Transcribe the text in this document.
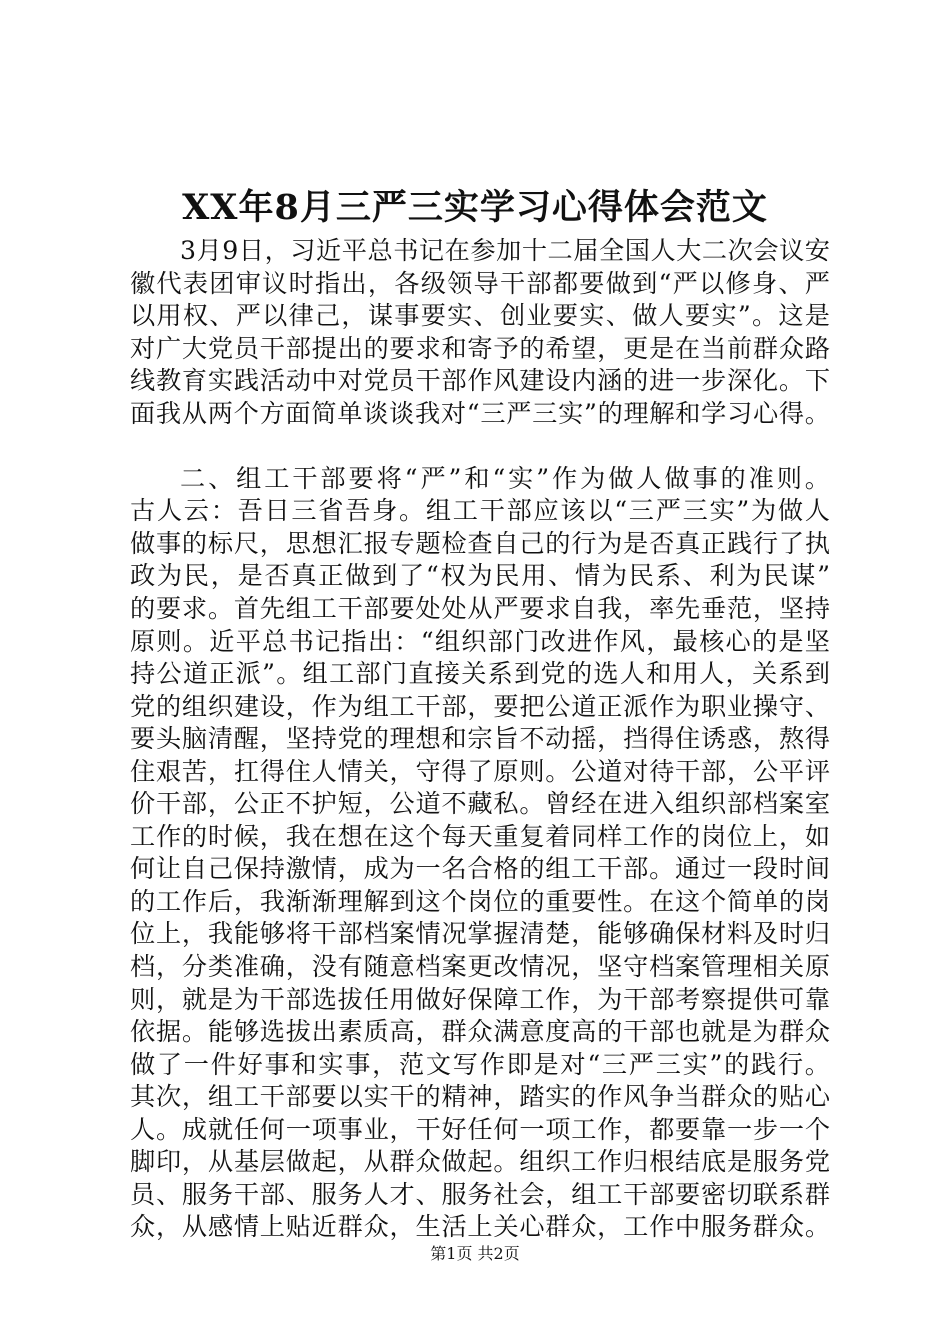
XX年8月三严三实学习心得体会范文
3月9日，习近平总书记在参加十二届全国人大二次会议安
徽代表团审议时指出，各级领导干部都要做到“严以修身、严
以用权、严以律己，谋事要实、创业要实、做人要实”。这是
对广大党员干部提出的要求和寄予的希望，更是在当前群众路
线教育实践活动中对党员干部作风建设内涵的进一步深化。下
面我从两个方面简单谈谈我对“三严三实”的理解和学习心得。
二、组工干部要将“严”和“实”作为做人做事的准则。
古人云：吾日三省吾身。组工干部应该以“三严三实”为做人
做事的标尺，思想汇报专题检查自己的行为是否真正践行了执
政为民，是否真正做到了“权为民用、情为民系、利为民谋”
的要求。首先组工干部要处处从严要求自我，率先垂范，坚持
原则。近平总书记指出：“组织部门改进作风，最核心的是坚
持公道正派”。组工部门直接关系到党的选人和用人，关系到
党的组织建设，作为组工干部，要把公道正派作为职业操守、
要头脑清醒，坚持党的理想和宗旨不动摇，挡得住诱惑，熬得
住艰苦，扛得住人情关，守得了原则。公道对待干部，公平评
价干部，公正不护短，公道不藏私。曾经在进入组织部档案室
工作的时候，我在想在这个每天重复着同样工作的岗位上，如
何让自己保持激情，成为一名合格的组工干部。通过一段时间
的工作后，我渐渐理解到这个岗位的重要性。在这个简单的岗
位上，我能够将干部档案情况掌握清楚，能够确保材料及时归
档，分类准确，没有随意档案更改情况，坚守档案管理相关原
则，就是为干部选拔任用做好保障工作，为干部考察提供可靠
依据。能够选拔出素质高，群众满意度高的干部也就是为群众
做了一件好事和实事，范文写作即是对“三严三实”的践行。
其次，组工干部要以实干的精神，踏实的作风争当群众的贴心
人。成就任何一项事业，干好任何一项工作，都要靠一步一个
脚印，从基层做起，从群众做起。组织工作归根结底是服务党
员、服务干部、服务人才、服务社会，组工干部要密切联系群
众，从感情上贴近群众，生活上关心群众，工作中服务群众。
第1页 共2页
